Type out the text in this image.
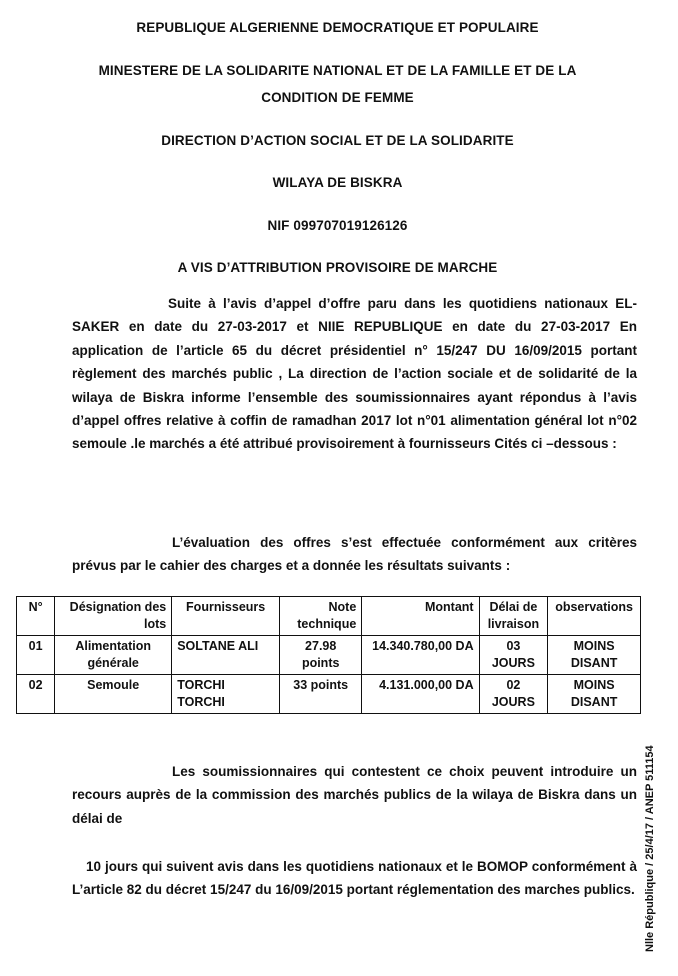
REPUBLIQUE ALGERIENNE DEMOCRATIQUE ET POPULAIRE
MINESTERE DE LA SOLIDARITE NATIONAL ET DE LA FAMILLE ET DE LA
CONDITION DE FEMME
DIRECTION D’ACTION SOCIAL ET DE LA SOLIDARITE
WILAYA DE BISKRA
NIF 099707019126126
A VIS D’ATTRIBUTION PROVISOIRE DE MARCHE

Suite à l’avis d’appel d’offre paru dans les quotidiens nationaux EL- SAKER en date du 27-03-2017 et NIIE REPUBLIQUE en date du 27-03-2017 En application de l’article 65 du décret présidentiel n° 15/247 DU 16/09/2015 portant règlement des marchés public , La direction de l’action sociale et de solidarité de la wilaya de Biskra informe l’ensemble des soumissionnaires ayant répondus à l’avis d’appel offres relative à coffin de ramadhan 2017 lot n°01 alimentation général lot n°02 semoule .le marchés a été attribué provisoirement à fournisseurs Cités ci –dessous :

L’évaluation des offres s’est effectuée conformément aux critères prévus par le cahier des charges et a donnée les résultats suivants :

N°	Désignation des lots	Fournisseurs	Note technique	Montant	Délai de livraison	observations
01	Alimentation générale	SOLTANE ALI	27.98 points	14.340.780,00 DA	03 JOURS	MOINS DISANT
02	Semoule	TORCHI TORCHI	33 points	4.131.000,00 DA	02 JOURS	MOINS DISANT

Les soumissionnaires qui contestent ce choix peuvent introduire un recours auprès de la commission des marchés publics de la wilaya de Biskra dans un délai de

10 jours qui suivent avis dans les quotidiens nationaux et le BOMOP conformément à L’article 82 du décret 15/247 du 16/09/2015 portant réglementation des marches publics. Nlle République / 25/4/17 / ANEP 511154
